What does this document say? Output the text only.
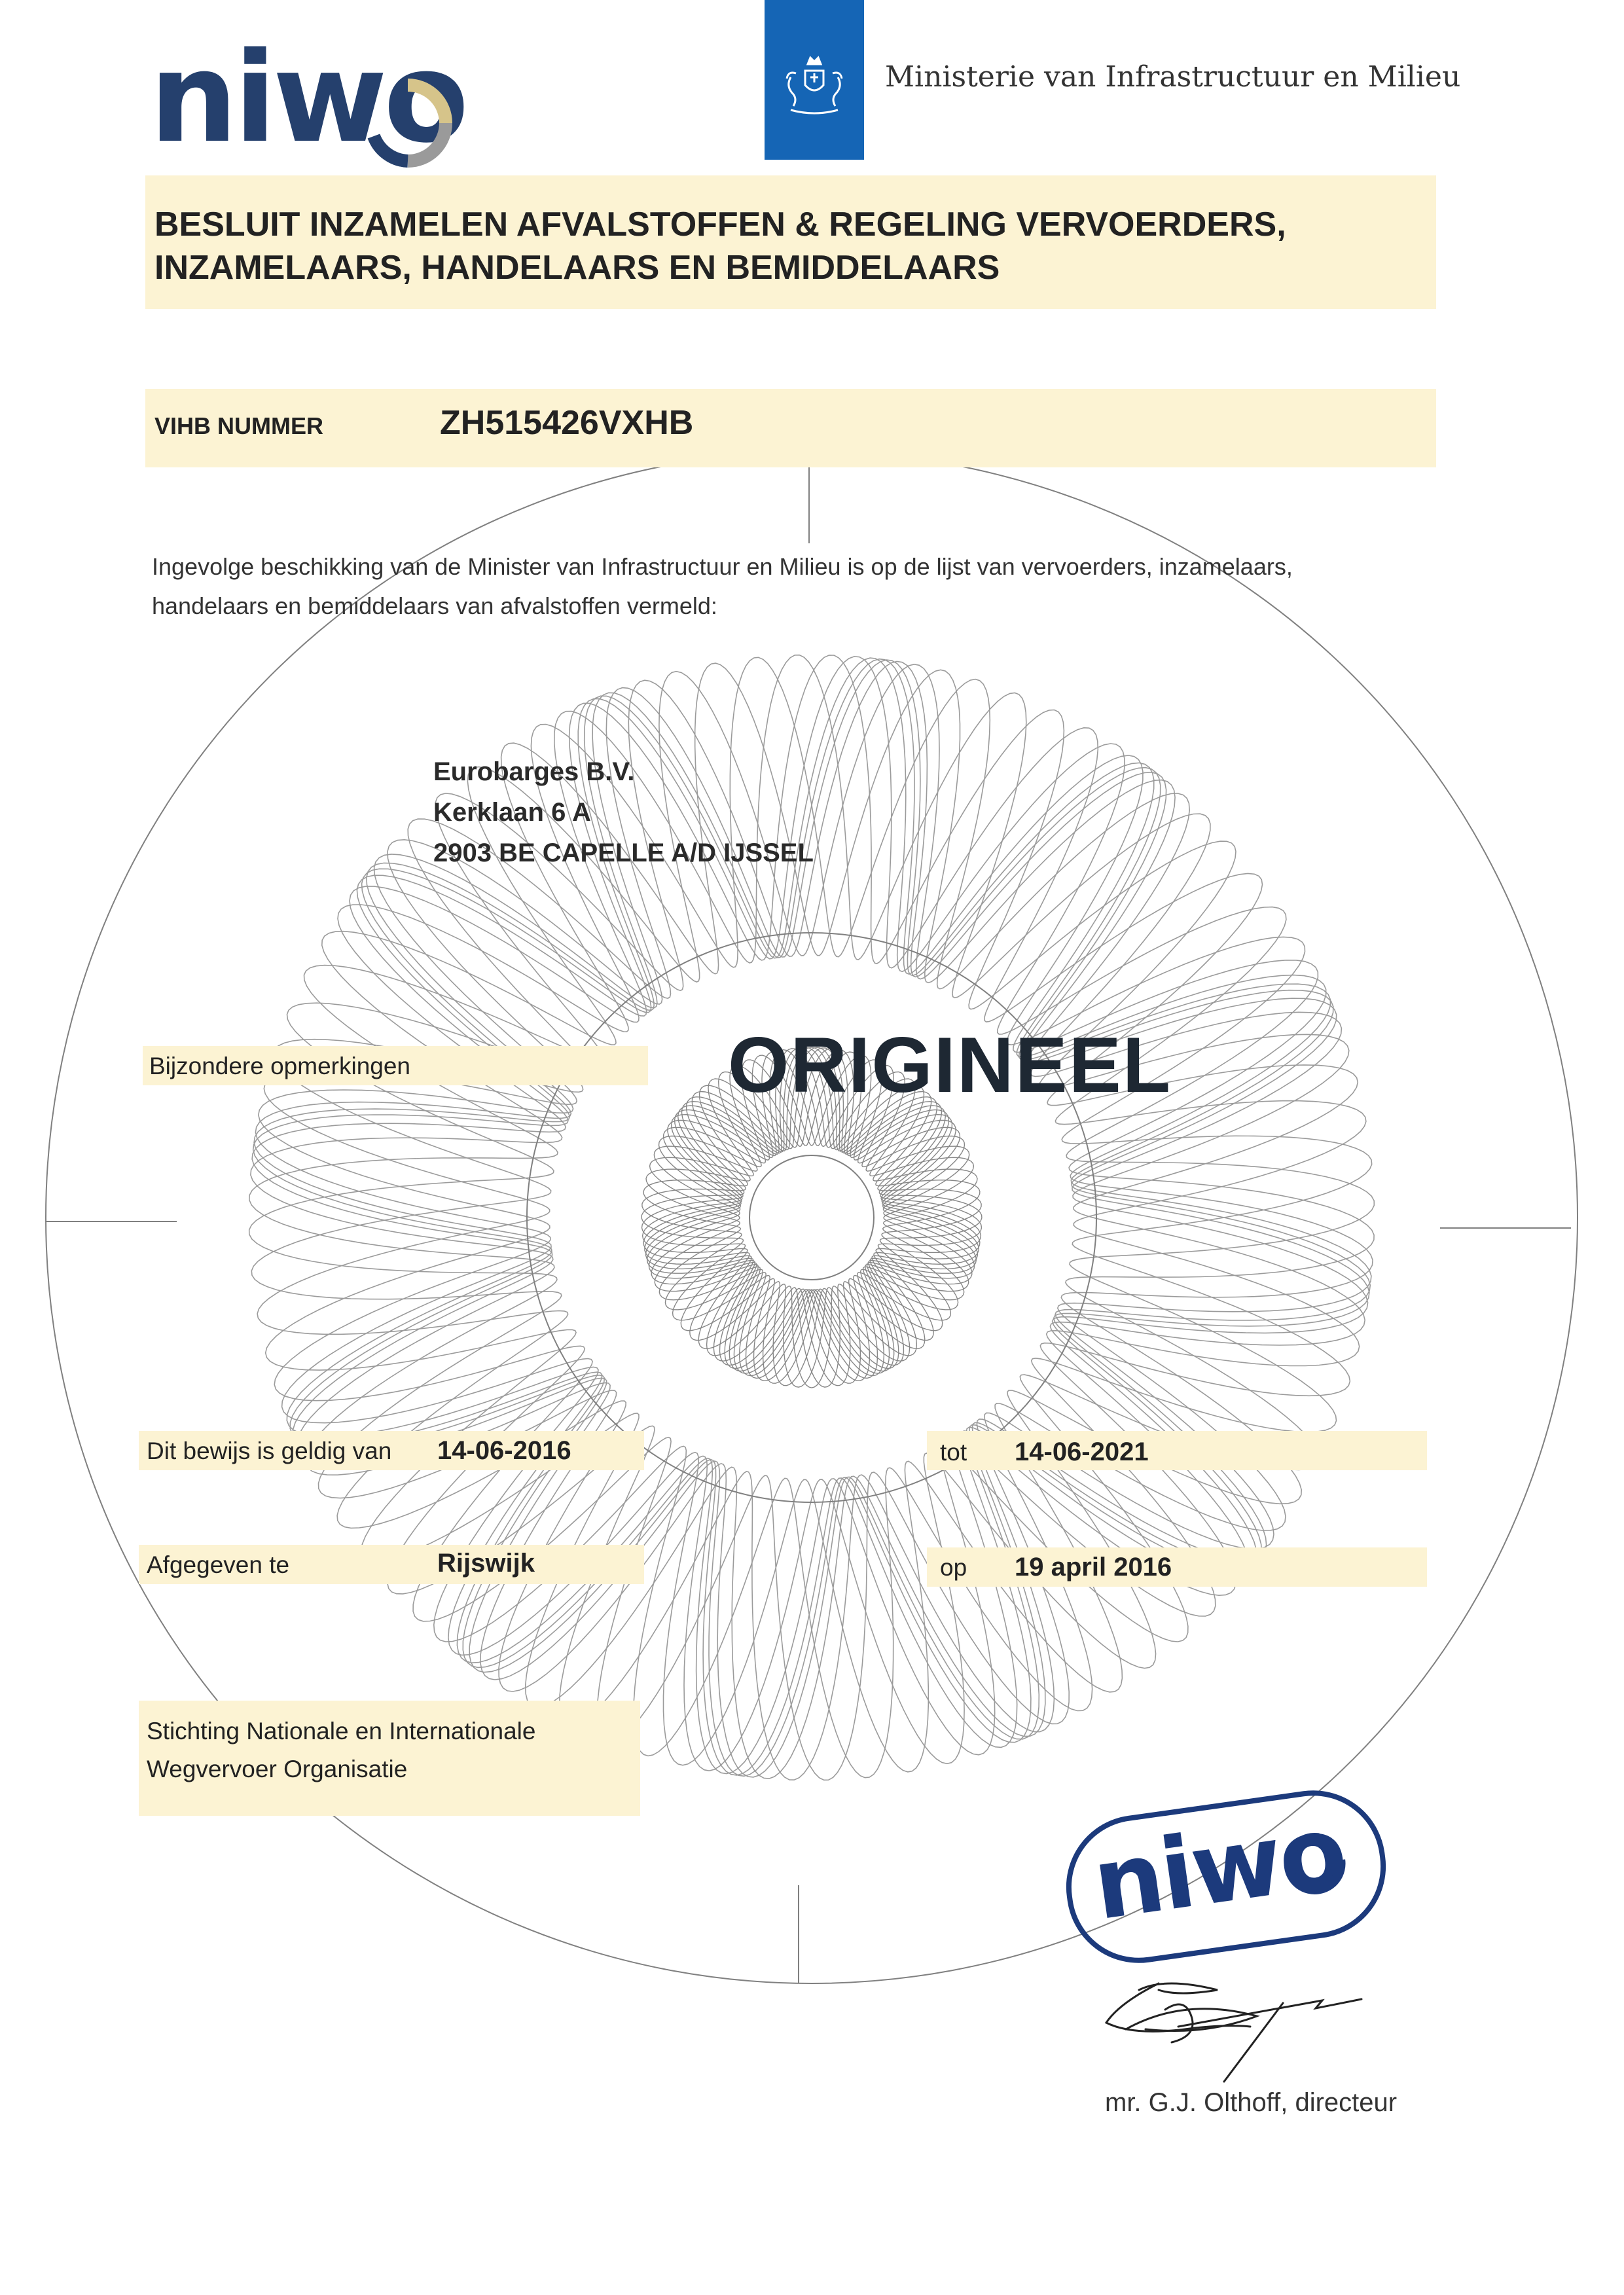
niwo	Ministerie van Infrastructuur en Milieu
BESLUIT INZAMELEN AFVALSTOFFEN & REGELING VERVOERDERS,
INZAMELAARS, HANDELAARS EN BEMIDDELAARS
VIHB NUMMER	ZH515426VXHB
Ingevolge beschikking van de Minister van Infrastructuur en Milieu is op de lijst van vervoerders, inzamelaars,
handelaars en bemiddelaars van afvalstoffen vermeld:
Eurobarges B.V.
Kerklaan 6 A
2903 BE CAPELLE A/D IJSSEL
Bijzondere opmerkingen	ORIGINEEL
Dit bewijs is geldig van 14-06-2016	tot 14-06-2021
Afgegeven te	Rijswijk	op 19 april 2016
Stichting Nationale en Internationale
Wegvervoer Organisatie
niwo
mr. G.J. Olthoff, directeur
